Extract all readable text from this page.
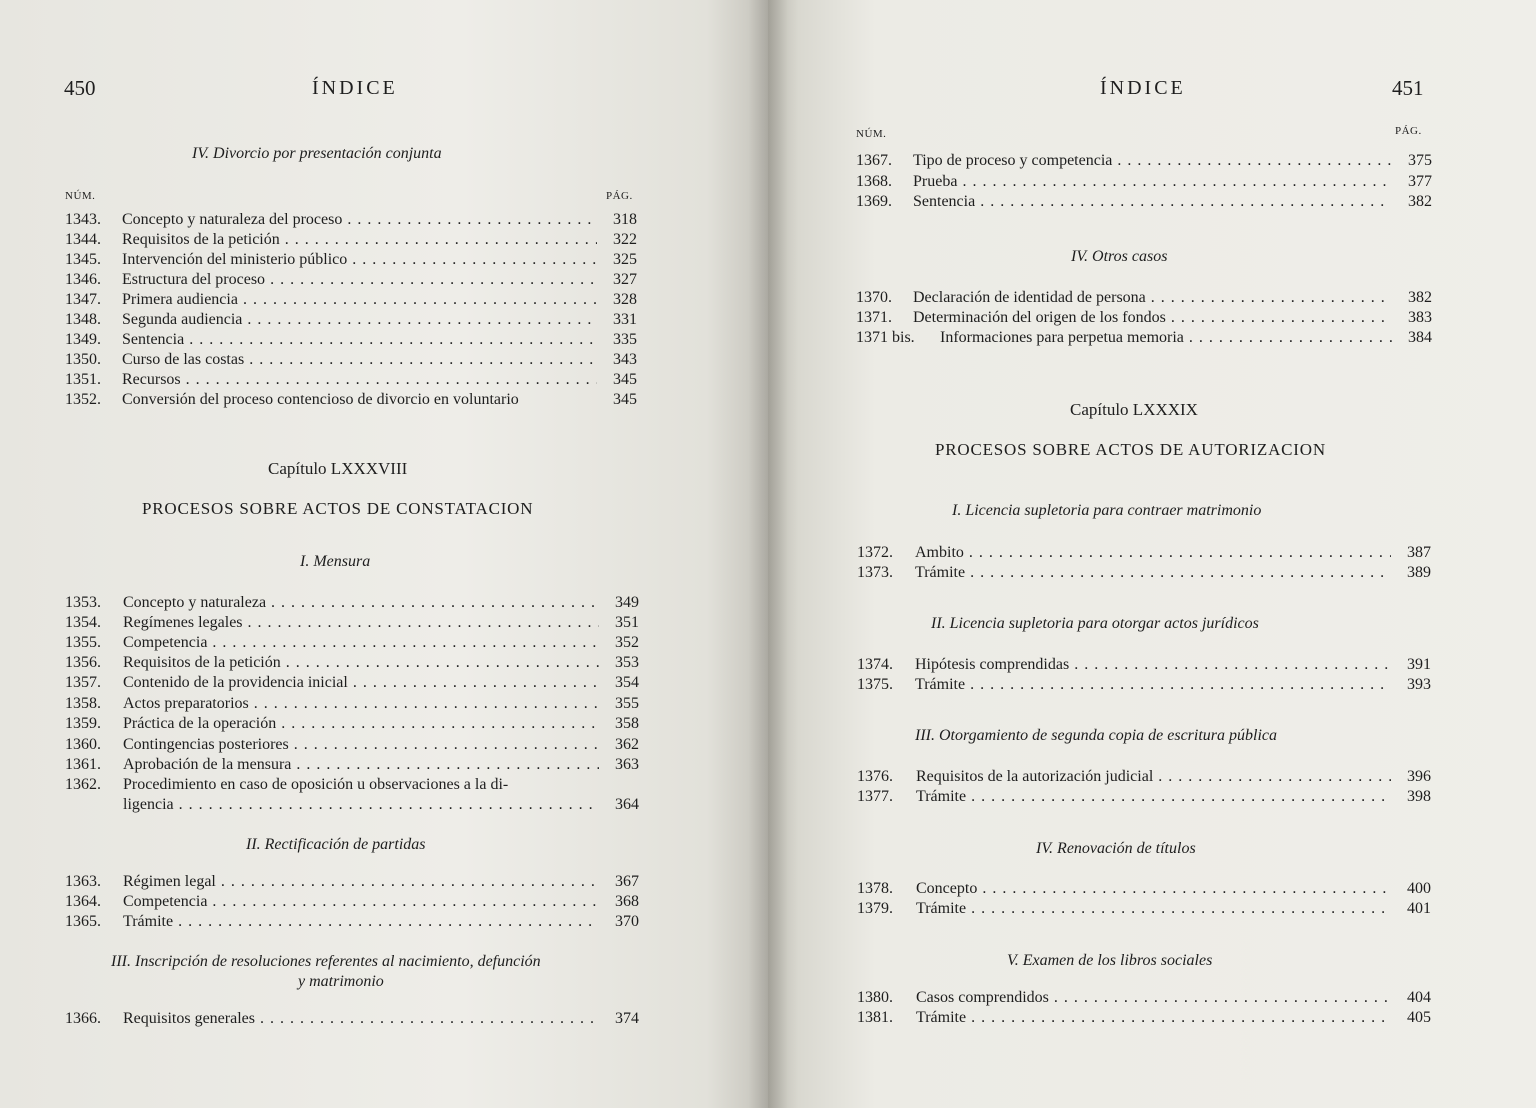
450	ÍNDICE
IV. Divorcio por presentación conjunta
NÚM.	PÁG.
1343. Concepto y naturaleza del proceso . . .	318
1344. Requisitos de la petición . . .	322
1345. Intervención del ministerio público . . .	325
1346. Estructura del proceso . . .	327
1347. Primera audiencia . . .	328
1348. Segunda audiencia . . .	331
1349. Sentencia . . .	335
1350. Curso de las costas . . .	343
1351. Recursos . . .	345
1352. Conversión del proceso contencioso de divorcio en voluntario	345
Capítulo LXXXVIII
PROCESOS SOBRE ACTOS DE CONSTATACION
I. Mensura
1353. Concepto y naturaleza . . .	349
1354. Regímenes legales . . .	351
1355. Competencia . . .	352
1356. Requisitos de la petición . . .	353
1357. Contenido de la providencia inicial . . .	354
1358. Actos preparatorios . . .	355
1359. Práctica de la operación . . .	358
1360. Contingencias posteriores . . .	362
1361. Aprobación de la mensura . . .	363
1362. Procedimiento en caso de oposición u observaciones a la di-
ligencia . . .	364
II. Rectificación de partidas
1363. Régimen legal . . .	367
1364. Competencia . . .	368
1365. Trámite . . .	370
III. Inscripción de resoluciones referentes al nacimiento, defunción
y matrimonio
1366. Requisitos generales . . .	374
ÍNDICE	451
NÚM.	PÁG.
1367. Tipo de proceso y competencia . . .	375
1368. Prueba . . .	377
1369. Sentencia . . .	382
IV. Otros casos
1370. Declaración de identidad de persona . . .	382
1371. Determinación del origen de los fondos . . .	383
1371 bis. Informaciones para perpetua memoria . . .	384
Capítulo LXXXIX
PROCESOS SOBRE ACTOS DE AUTORIZACION
I. Licencia supletoria para contraer matrimonio
1372. Ambito . . .	387
1373. Trámite . . .	389
II. Licencia supletoria para otorgar actos jurídicos
1374. Hipótesis comprendidas . . .	391
1375. Trámite . . .	393
III. Otorgamiento de segunda copia de escritura pública
1376. Requisitos de la autorización judicial . . .	396
1377. Trámite . . .	398
IV. Renovación de títulos
1378. Concepto . . .	400
1379. Trámite . . .	401
V. Examen de los libros sociales
1380. Casos comprendidos . . .	404
1381. Trámite . . .	405
